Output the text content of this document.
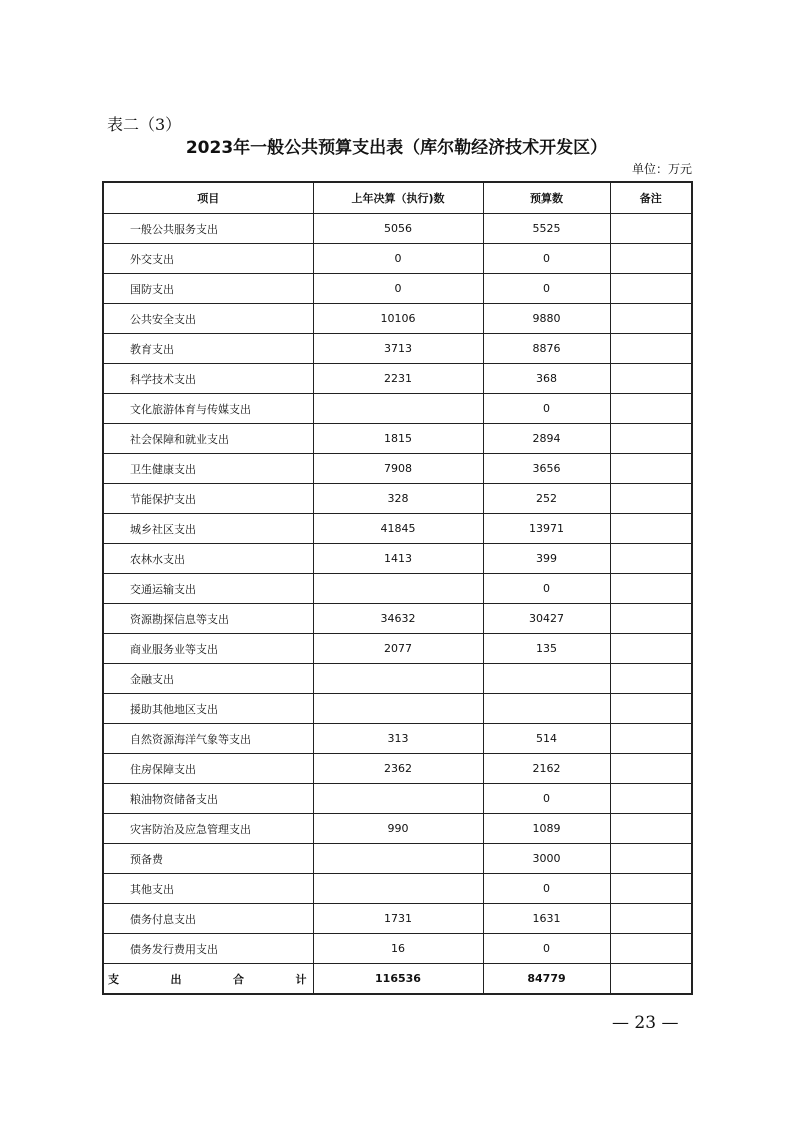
表二（3）
2023年一般公共预算支出表（库尔勒经济技术开发区）
单位：万元
项目	上年决算（执行)数	预算数	备注
一般公共服务支出	5056	5525	
外交支出	0	0	
国防支出	0	0	
公共安全支出	10106	9880	
教育支出	3713	8876	
科学技术支出	2231	368	
文化旅游体育与传媒支出		0	
社会保障和就业支出	1815	2894	
卫生健康支出	7908	3656	
节能保护支出	328	252	
城乡社区支出	41845	13971	
农林水支出	1413	399	
交通运输支出		0	
资源勘探信息等支出	34632	30427	
商业服务业等支出	2077	135	
金融支出			
援助其他地区支出			
自然资源海洋气象等支出	313	514	
住房保障支出	2362	2162	
粮油物资储备支出		0	
灾害防治及应急管理支出	990	1089	
预备费		3000	
其他支出		0	
债务付息支出	1731	1631	
债务发行费用支出	16	0	

支 出 合 计	116536	84779	
— 23 —
